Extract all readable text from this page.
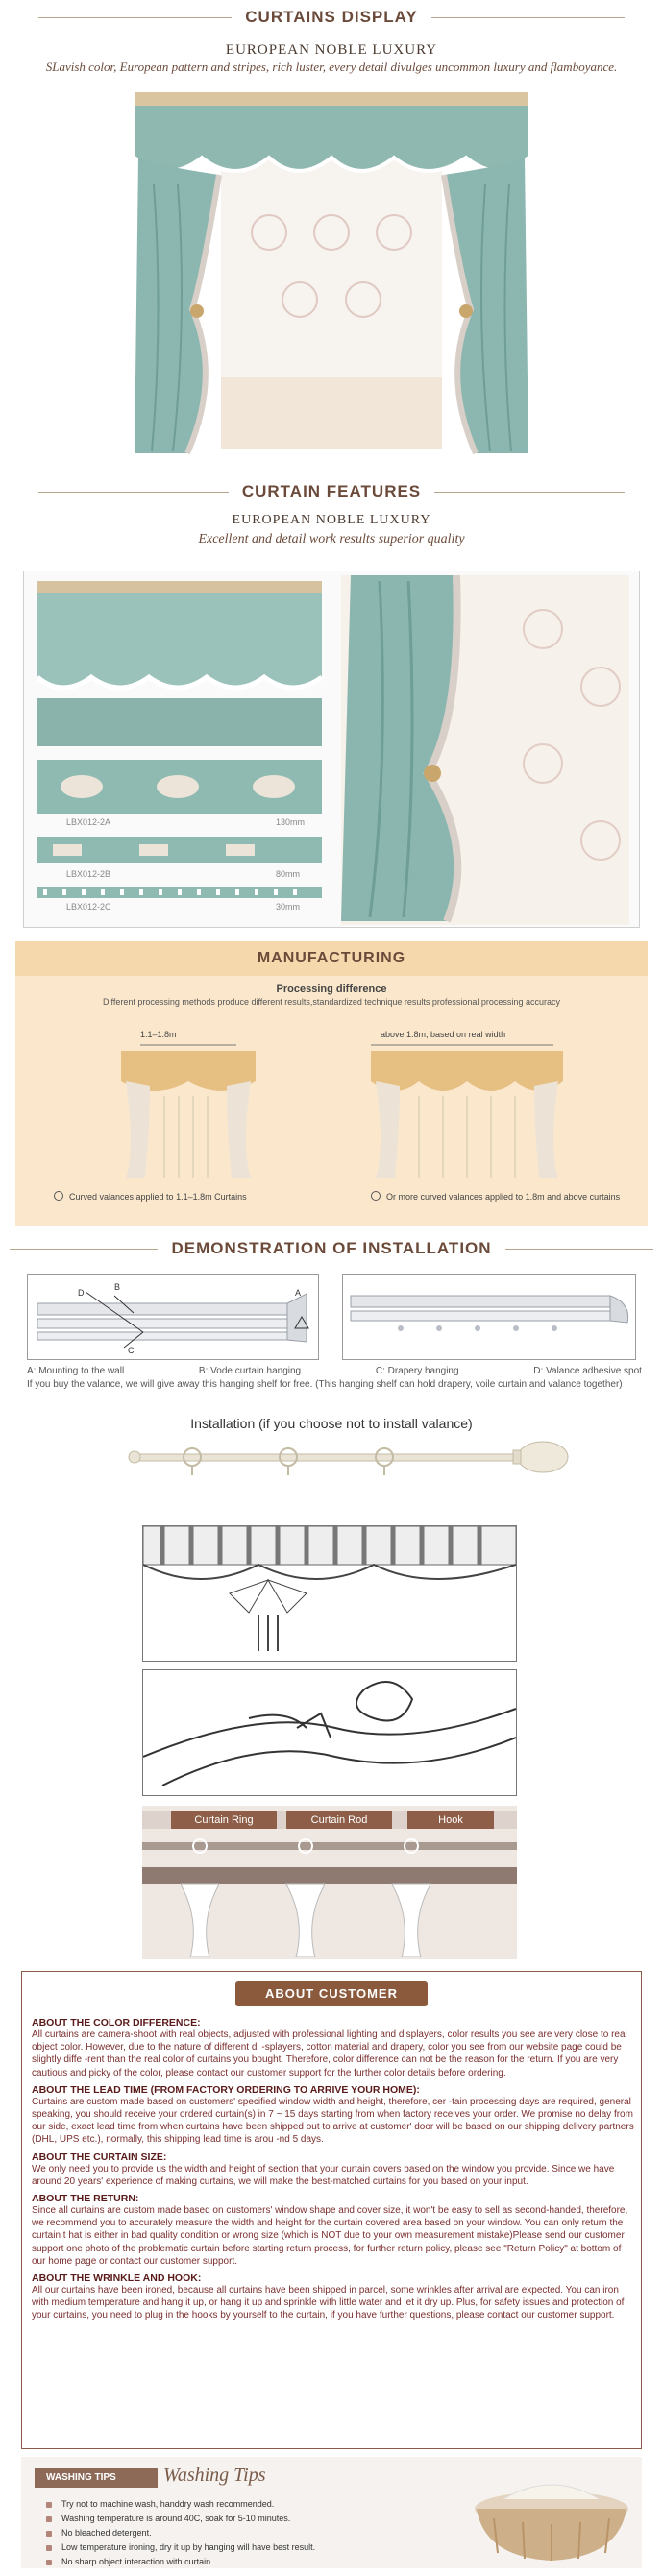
CURTAINS DISPLAY
EUROPEAN NOBLE LUXURY
SLavish color, European pattern and stripes, rich luster, every detail divulges uncommon luxury and flamboyance.
CURTAIN FEATURES
EUROPEAN NOBLE LUXURY
Excellent and detail work results superior quality
LBX012-2A	130mm
LBX012-2B	80mm
LBX012-2C	30mm
MANUFACTURING
Processing difference
Different processing methods produce different results,standardized technique results professional processing accuracy
1.1–1.8m	above 1.8m, based on real width
Curved valances applied to 1.1–1.8m Curtains	Or more curved valances applied to 1.8m and above curtains
DEMONSTRATION OF INSTALLATION
B
D	A
C
A: Mounting to the wall	B: Vode curtain hanging	C: Drapery hanging	D: Valance adhesive spot
If you buy the valance, we will give away this hanging shelf for free. (This hanging shelf can hold drapery, voile curtain and valance together)
Installation (if you choose not to install valance)
Curtain Ring	Curtain Rod	Hook
ABOUT CUSTOMER SERVICE
ABOUT THE COLOR DIFFERENCE:
All curtains are camera-shoot with real objects, adjusted with professional lighting and displayers, color results you see are very close to real object color. However, due to the nature of different di -splayers, cotton material and drapery, color you see from our website page could be slightly diffe -rent than the real color of curtains you bought. Therefore, color difference can not be the reason for the return. If you are very cautious and picky of the color, please contact our customer support for the further color details before ordering.
ABOUT THE LEAD TIME (FROM FACTORY ORDERING TO ARRIVE YOUR HOME):
Curtains are custom made based on customers' specified window width and height, therefore, cer -tain processing days are required, general speaking, you should receive your ordered curtain(s) in 7 ~ 15 days starting from when factory receives your order. We promise no delay from our side, exact lead time from when curtains have been shipped out to arrive at customer' door will be based on our shipping delivery partners (DHL, UPS etc.), normally, this shipping lead time is arou -nd 5 days.
ABOUT THE CURTAIN SIZE:
We only need you to provide us the width and height of section that your curtain covers based on the window you provide. Since we have around 20 years' experience of making curtains, we will make the best-matched curtains for you based on your input.
ABOUT THE RETURN:
Since all curtains are custom made based on customers' window shape and cover size, it won't be easy to sell as second-handed, therefore, we recommend you to accurately measure the width and height for the curtain covered area based on your window. You can only return the curtain t hat is either in bad quality condition or wrong size (which is NOT due to your own measurement mistake)Please send our customer support one photo of the problematic curtain before starting return process, for further return policy, please see "Return Policy" at bottom of our home page or contact our customer support.
ABOUT THE WRINKLE AND HOOK:
All our curtains have been ironed, because all curtains have been shipped in parcel, some wrinkles after arrival are expected. You can iron with medium temperature and hang it up, or hang it up and sprinkle with little water and let it dry up. Plus, for safety issues and protection of your curtains, you need to plug in the hooks by yourself to the curtain, if you have further questions, please contact our customer support.
WASHING TIPS	Washing Tips
Try not to machine wash, handdry wash recommended.
Washing temperature is around 40C, soak for 5-10 minutes.
No bleached detergent.
Low temperature ironing, dry it up by hanging will have best result.
No sharp object interaction with curtain.
